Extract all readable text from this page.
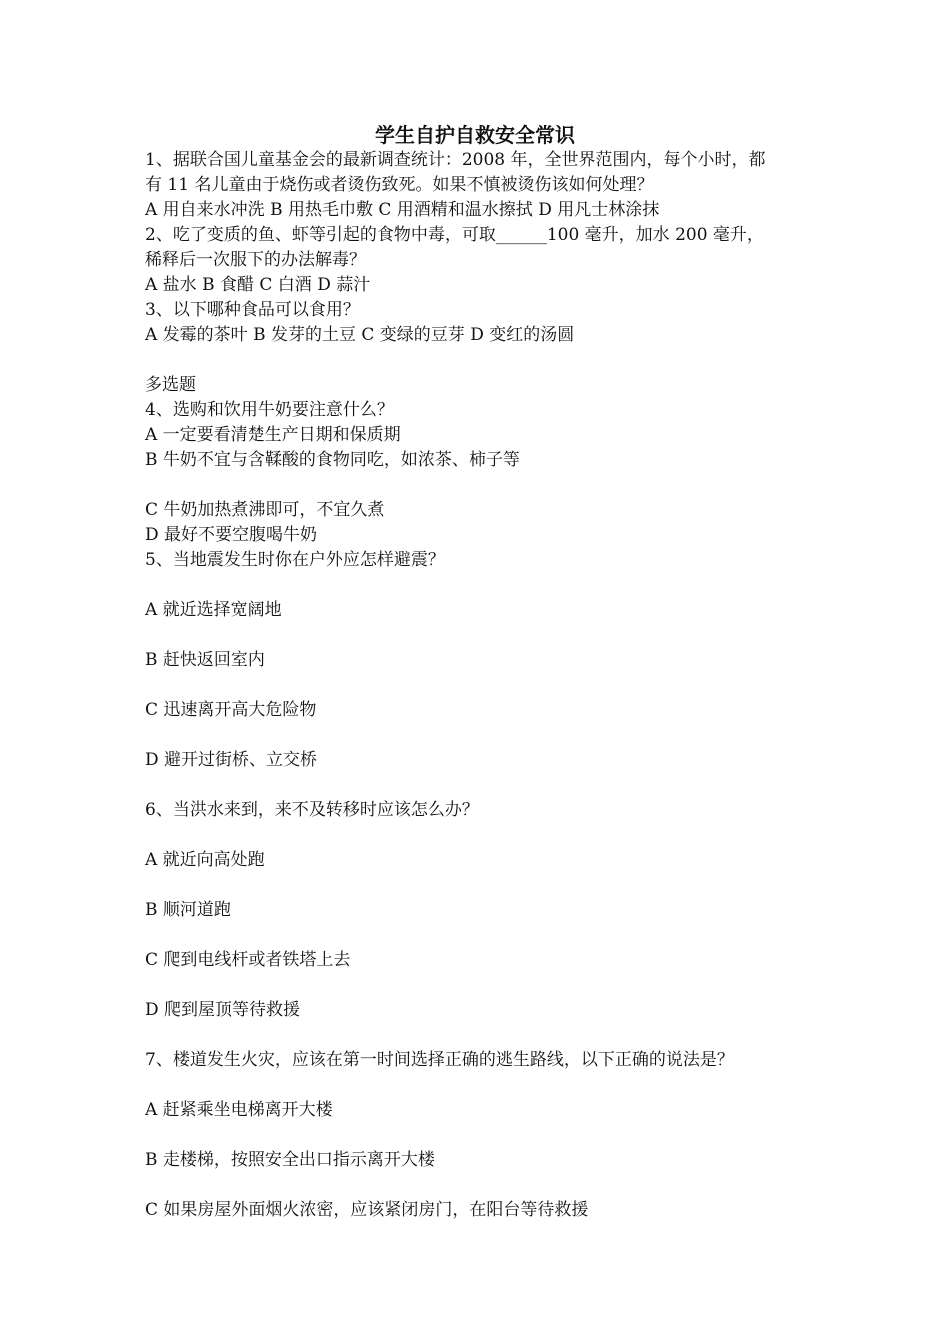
学生自护自救安全常识
1、据联合国儿童基金会的最新调查统计：2008 年，全世界范围内，每个小时，都
有 11 名儿童由于烧伤或者烫伤致死。如果不慎被烫伤该如何处理？
A 用自来水冲洗 B 用热毛巾敷 C 用酒精和温水擦拭 D 用凡士林涂抹
2、吃了变质的鱼、虾等引起的食物中毒，可取______100 毫升，加水 200 毫升，
稀释后一次服下的办法解毒？
A 盐水 B 食醋 C 白酒 D 蒜汁
3、以下哪种食品可以食用？
A 发霉的茶叶 B 发芽的土豆 C 变绿的豆芽 D 变红的汤圆
多选题
4、选购和饮用牛奶要注意什么？
A 一定要看清楚生产日期和保质期
B 牛奶不宜与含鞣酸的食物同吃，如浓茶、柿子等
C 牛奶加热煮沸即可，不宜久煮
D 最好不要空腹喝牛奶
5、当地震发生时你在户外应怎样避震？
A 就近选择宽阔地
B 赶快返回室内
C 迅速离开高大危险物
D 避开过街桥、立交桥
6、当洪水来到，来不及转移时应该怎么办？
A 就近向高处跑
B 顺河道跑
C 爬到电线杆或者铁塔上去
D 爬到屋顶等待救援
7、楼道发生火灾，应该在第一时间选择正确的逃生路线，以下正确的说法是？
A 赶紧乘坐电梯离开大楼
B 走楼梯，按照安全出口指示离开大楼
C 如果房屋外面烟火浓密，应该紧闭房门，在阳台等待救援
